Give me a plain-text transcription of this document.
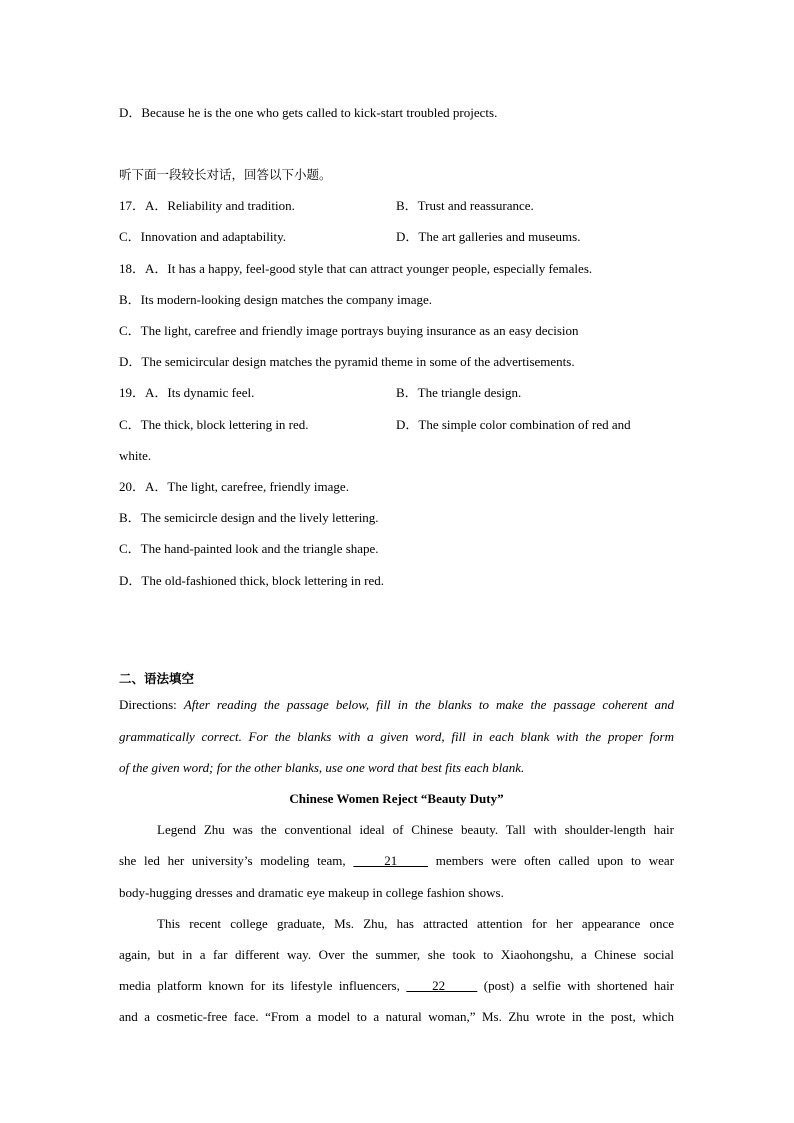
D．Because he is the one who gets called to kick-start troubled projects.
听下面一段较长对话，回答以下小题。
17．A．Reliability and tradition.	B．Trust and reassurance.
C．Innovation and adaptability.	D．The art galleries and museums.
18．A．It has a happy, feel-good style that can attract younger people, especially females.
B．Its modern-looking design matches the company image.
C．The light, carefree and friendly image portrays buying insurance as an easy decision
D．The semicircular design matches the pyramid theme in some of the advertisements.
19．A．Its dynamic feel.	B．The triangle design.
C．The thick, block lettering in red.	D．The simple color combination of red and
white.
20．A．The light, carefree, friendly image.
B．The semicircle design and the lively lettering.
C．The hand-painted look and the triangle shape.
D．The old-fashioned thick, block lettering in red.
二、语法填空
Directions: After reading the passage below, fill in the blanks to make the passage coherent and
grammatically correct. For the blanks with a given word, fill in each blank with the proper form
of the given word; for the other blanks, use one word that best fits each blank.
Chinese Women Reject “Beauty Duty”
Legend Zhu was the conventional ideal of Chinese beauty. Tall with shoulder-length hair
she led her university’s modeling team,     21     members were often called upon to wear
body-hugging dresses and dramatic eye makeup in college fashion shows.
This recent college graduate, Ms. Zhu, has attracted attention for her appearance once
again, but in a far different way. Over the summer, she took to Xiaohongshu, a Chinese social
media platform known for its lifestyle influencers,     22      (post) a selfie with shortened hair
and a cosmetic-free face. “From a model to a natural woman,” Ms. Zhu wrote in the post, which
